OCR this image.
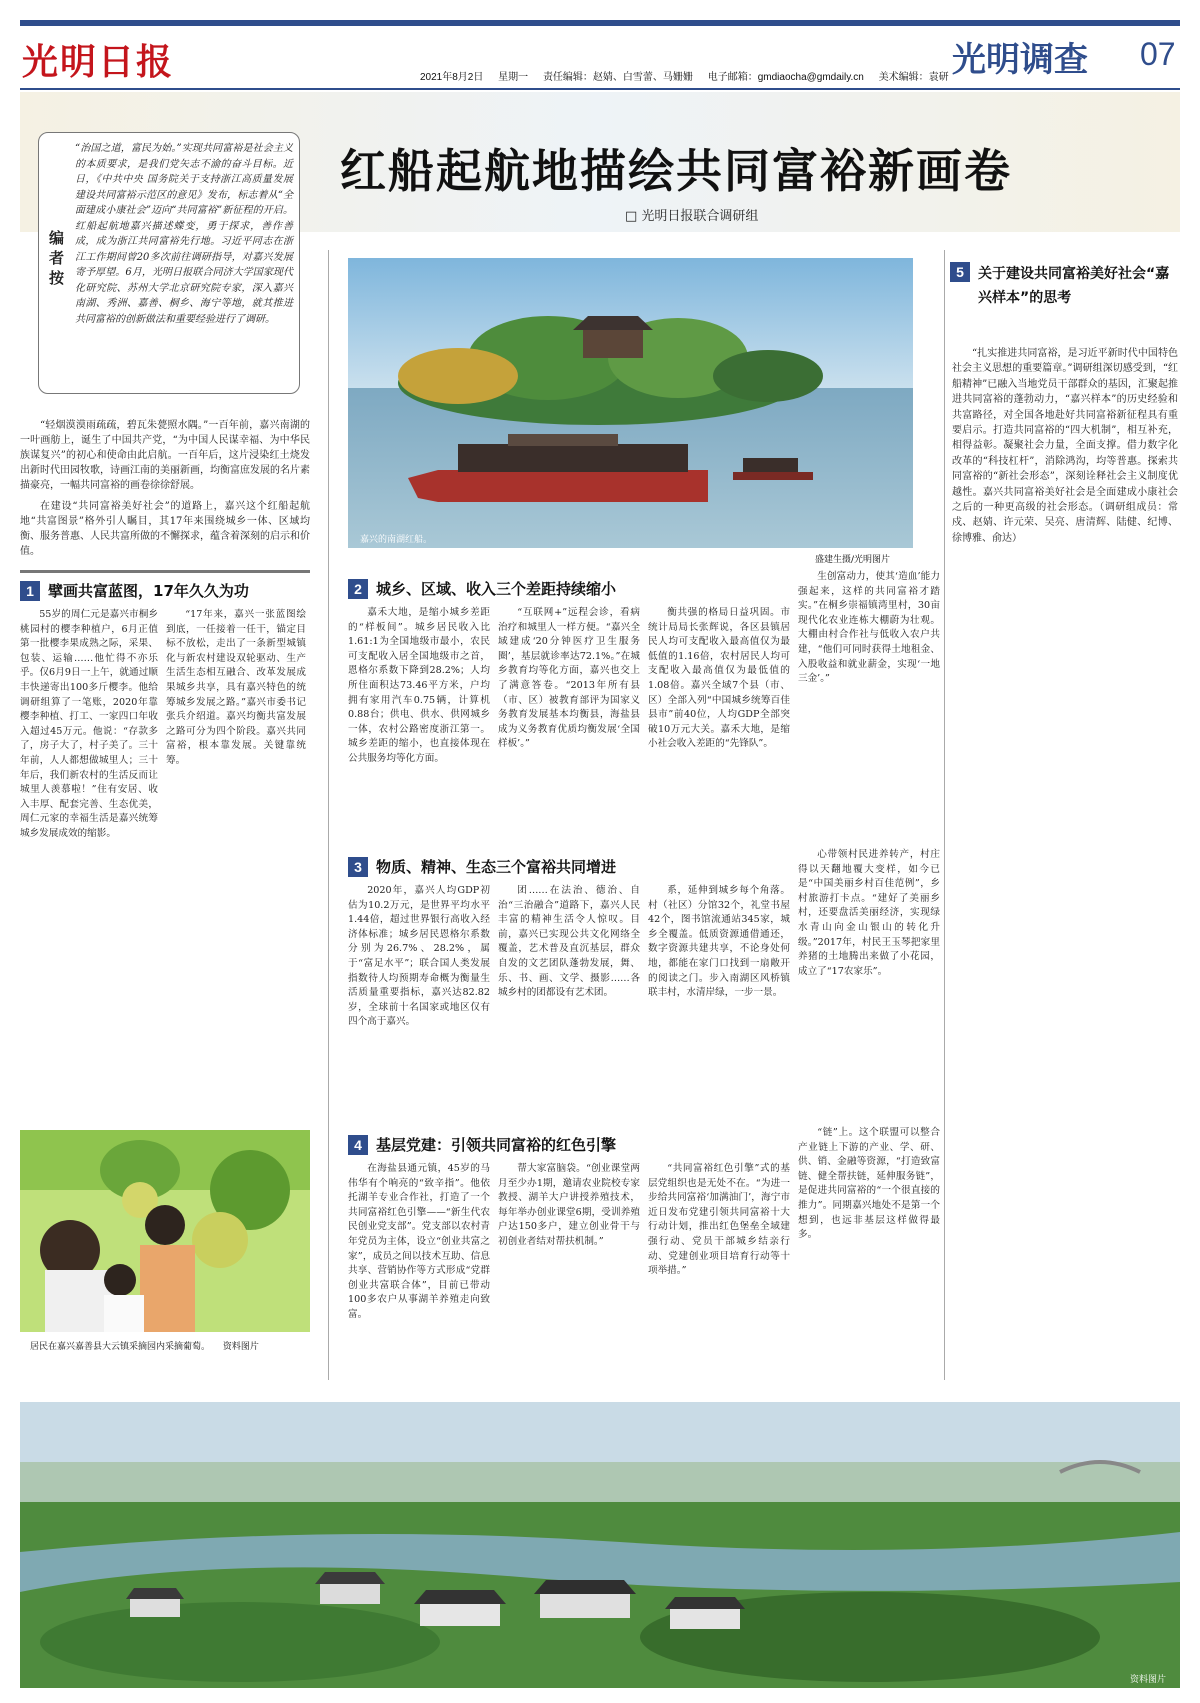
光明日报	2021年8月2日 星期一 责任编辑：赵婧、白雪蕾、马姗姗 电子邮箱：gmdiaocha@gmdaily.cn 美术编辑：袁研 光明调查 07
红船起航地描绘共同富裕新画卷
□ 光明日报联合调研组
编者按
“治国之道，富民为始。”实现共同富裕是社会主义的本质要求，是我们党矢志不渝的奋斗目标。近日，《中共中央 国务院关于支持浙江高质量发展建设共同富裕示范区的意见》发布，标志着从“全面建成小康社会”迈向“共同富裕”新征程的开启。红船起航地嘉兴描述蝶变，勇于探求，善作善成，成为浙江共同富裕先行地。习近平同志在浙江工作期间曾20多次前往调研指导，对嘉兴发展寄予厚望。6月，光明日报联合同济大学国家现代化研究院、苏州大学北京研究院专家，深入嘉兴南湖、秀洲、嘉善、桐乡、海宁等地，就其推进共同富裕的创新做法和重要经验进行了调研。

“轻烟漠漠雨疏疏，碧瓦朱甍照水隅。”一百年前，嘉兴南湖的一叶画舫上，诞生了中国共产党，“为中国人民谋幸福、为中华民族谋复兴”的初心和使命由此启航。一百年后，这片浸染红土烧发出新时代田园牧歌，诗画江南的美丽新画，均衡富庶发展的名片素描豪亮，一幅共同富裕的画卷徐徐舒展。

在建设“共同富裕美好社会”的道路上，嘉兴这个红船起航地“共富图景”格外引人瞩目，其17年来围绕城乡一体、区域均衡、服务普惠、人民共富所做的不懈探求，蕴含着深刻的启示和价值。

嘉兴的南湖红船。
盛建生摄/光明图片
1 擘画共富蓝图，17年久久为功

55岁的周仁元是嘉兴市桐乡桃园村的樱李种植户，6月正值第一批樱李果成熟之际，采果、包装、运输……他忙得不亦乐乎。仅6月9日一上午，就通过顺丰快递寄出100多斤樱李。他给调研组算了一笔账，2020年靠樱李种植、打工、一家四口年收入超过45万元。他说：“存款多了，房子大了，村子美了。三十年前，人人都想做城里人；三十年后，我们新农村的生活反而让城里人羡慕啦！”住有安居、收入丰厚、配套完善、生态优美，周仁元家的幸福生活是嘉兴统筹城乡发展成效的缩影。

“17年来，嘉兴一张蓝图绘到底，一任接着一任干，锚定目标不放松，走出了一条新型城镇化与新农村建设双轮驱动、生产生活生态相互融合、改革发展成果城乡共享，具有嘉兴特色的统筹城乡发展之路。”嘉兴市委书记张兵介绍道。嘉兴均衡共富发展之路可分为四个阶段。嘉兴共同富裕，根本靠发展。关键靠统筹。

居民在嘉兴嘉善县大云镇采摘园内采摘葡萄。 资料图片
2 城乡、区域、收入三个差距持续缩小

嘉禾大地，是缩小城乡差距的“样板间”。城乡居民收入比1.61:1为全国地级市最小，农民可支配收入居全国地级市之首，恩格尔系数下降到28.2%；人均所住面积达73.46平方米，户均拥有家用汽车0.75辆，计算机0.88台；供电、供水、供网城乡一体，农村公路密度浙江第一。城乡差距的缩小，也直接体现在公共服务均等化方面。

“互联网+”远程会诊，看病治疗和城里人一样方便。“嘉兴全域建成‘20分钟医疗卫生服务圈’，基层就诊率达72.1%。”在城乡教育均等化方面，嘉兴也交上了满意答卷。“2013年所有县（市、区）被教育部评为国家义务教育发展基本均衡县，海盐县成为义务教育优质均衡发展‘全国样板’。”

衡共强的格局日益巩固。市统计局局长张辉说，各区县镇居民人均可支配收入最高值仅为最低值的1.16倍，农村居民人均可支配收入最高值仅为最低值的1.08倍。嘉兴全域7个县（市、区）全部入列“中国城乡统筹百佳县市”前40位，人均GDP全部突破10万元大关。嘉禾大地，是缩小社会收入差距的“先锋队”。

生创富动力，使其‘造血’能力强起来，这样的共同富裕才踏实。”在桐乡崇福镇湾里村，30亩现代化农业连栋大棚蔚为壮观。大棚由村合作社与低收入农户共建，“他们可同时获得土地租金、入股收益和就业薪金，实现‘一地三金’。”

3 物质、精神、生态三个富裕共同增进

2020年，嘉兴人均GDP初估为10.2万元，是世界平均水平1.44倍，超过世界银行高收入经济体标准；城乡居民恩格尔系数分别为26.7%、28.2%，属于“富足水平”；联合国人类发展指数待人均预期寿命概为衡量生活质量重要指标，嘉兴达82.82岁，全球前十名国家或地区仅有四个高于嘉兴。

团……在法治、德治、自治“三治融合”道路下，嘉兴人民丰富的精神生活令人惊叹。目前，嘉兴已实现公共文化网络全覆盖，艺术普及直沉基层，群众自发的文艺团队蓬勃发展，舞、乐、书、画、文学、摄影……各城乡村的团都设有艺术团。

系，延伸到城乡每个角落。村（社区）分馆32个，礼堂书屋42个，图书馆流通站345家，城乡全覆盖。低质资源通借通还，数字资源共建共享，不论身处何地，都能在家门口找到一扇敞开的阅读之门。步入南湖区风桥镇联丰村，水清岸绿，一步一景。

心带领村民进养转产，村庄得以天翻地覆大变样，如今已是“中国美丽乡村百佳范例”，乡村旅游打卡点。“建好了美丽乡村，还要盘活美丽经济，实现绿水青山向金山银山的转化升级。”2017年，村民王玉琴把家里养猪的土地腾出来做了小花园，成立了“17农家乐”。

4 基层党建：引领共同富裕的红色引擎

在海盐县通元镇，45岁的马伟华有个响亮的“致辛指”。他依托湖羊专业合作社，打造了一个共同富裕红色引擎——“新生代农民创业党支部”。党支部以农村青年党员为主体，设立“创业共富之家”，成员之间以技术互助、信息共享、营销协作等方式形成“党群创业共富联合体”，目前已带动100多农户从事湖羊养殖走向致富。

帮大家富脑袋。“创业课堂两月至少办1期，邀请农业院校专家教授、湖羊大户讲授养殖技术，每年举办创业课堂6期，受训养殖户达150多户，建立创业骨干与初创业者结对帮扶机制。”

“共同富裕红色引擎”式的基层党组织也是无处不在。“为进一步给共同富裕‘加满油门’，海宁市近日发布党建引领共同富裕十大行动计划，推出红色堡垒全域建强行动、党员干部城乡结亲行动、党建创业项目培育行动等十项举措。”

“链”上。这个联盟可以整合产业链上下游的产业、学、研、供、销、金融等资源，“打造致富链、健全帮扶链，延伸服务链”，是促进共同富裕的“一个很直接的推力”。同期嘉兴地处不是第一个想到，也远非基层这样做得最多。

5	关于建设共同富裕美好社会“嘉兴样本”的思考

“扎实推进共同富裕，是习近平新时代中国特色社会主义思想的重要篇章。”调研组深切感受到，“红船精神”已融入当地党员干部群众的基因，汇聚起推进共同富裕的蓬勃动力，“嘉兴样本”的历史经验和共富路径，对全国各地赴好共同富裕新征程具有重要启示。打造共同富裕的“四大机制”，相互补充，相得益彰。凝聚社会力量，全面支撑。借力数字化改革的“科技杠杆”，消除鸿沟，均等普惠。探索共同富裕的“新社会形态”，深刻诠释社会主义制度优越性。嘉兴共同富裕美好社会是全面建成小康社会之后的一种更高级的社会形态。（调研组成员：常戍、赵婧、许元荣、吴亮、唐清辉、陆健、纪博、徐博雅、俞达）

资料图片
